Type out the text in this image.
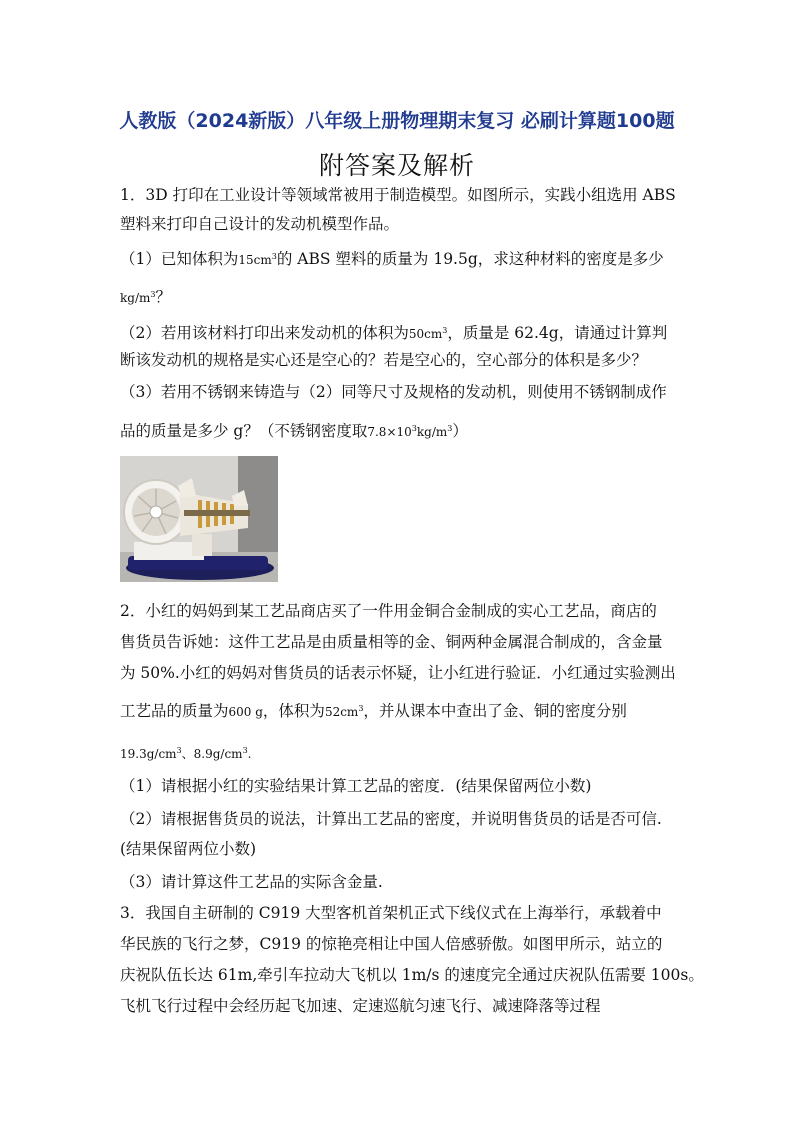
人教版（2024新版）八年级上册物理期末复习 必刷计算题100题
附答案及解析
1．3D 打印在工业设计等领域常被用于制造模型。如图所示，实践小组选用 ABS
塑料来打印自己设计的发动机模型作品。
（1）已知体积为$15cm^3$的 ABS 塑料的质量为 19.5g，求这种材料的密度是多少
$kg/m^3$？
（2）若用该材料打印出来发动机的体积为$50cm^3$，质量是 62.4g，请通过计算判
断该发动机的规格是实心还是空心的？若是空心的，空心部分的体积是多少？
（3）若用不锈钢来铸造与（2）同等尺寸及规格的发动机，则使用不锈钢制成作
品的质量是多少 g？（不锈钢密度取$7.8\times 10^3kg/m^3$）
2．小红的妈妈到某工艺品商店买了一件用金铜合金制成的实心工艺品，商店的
售货员告诉她：这件工艺品是由质量相等的金、铜两种金属混合制成的，含金量
为 50%.小红的妈妈对售货员的话表示怀疑，让小红进行验证．小红通过实验测出
工艺品的质量为600 g，体积为$52cm^3$，并从课本中查出了金、铜的密度分别
$19.3g/cm^3$、$8.9g/cm^3$.
（1）请根据小红的实验结果计算工艺品的密度．(结果保留两位小数)
（2）请根据售货员的说法，计算出工艺品的密度，并说明售货员的话是否可信.
(结果保留两位小数)
（3）请计算这件工艺品的实际含金量.
3．我国自主研制的 C919 大型客机首架机正式下线仪式在上海举行，承载着中
华民族的飞行之梦，C919 的惊艳亮相让中国人倍感骄傲。如图甲所示，站立的
庆祝队伍长达 61m,牵引车拉动大飞机以 1m/s 的速度完全通过庆祝队伍需要 100s。
飞机飞行过程中会经历起飞加速、定速巡航匀速飞行、减速降落等过程
